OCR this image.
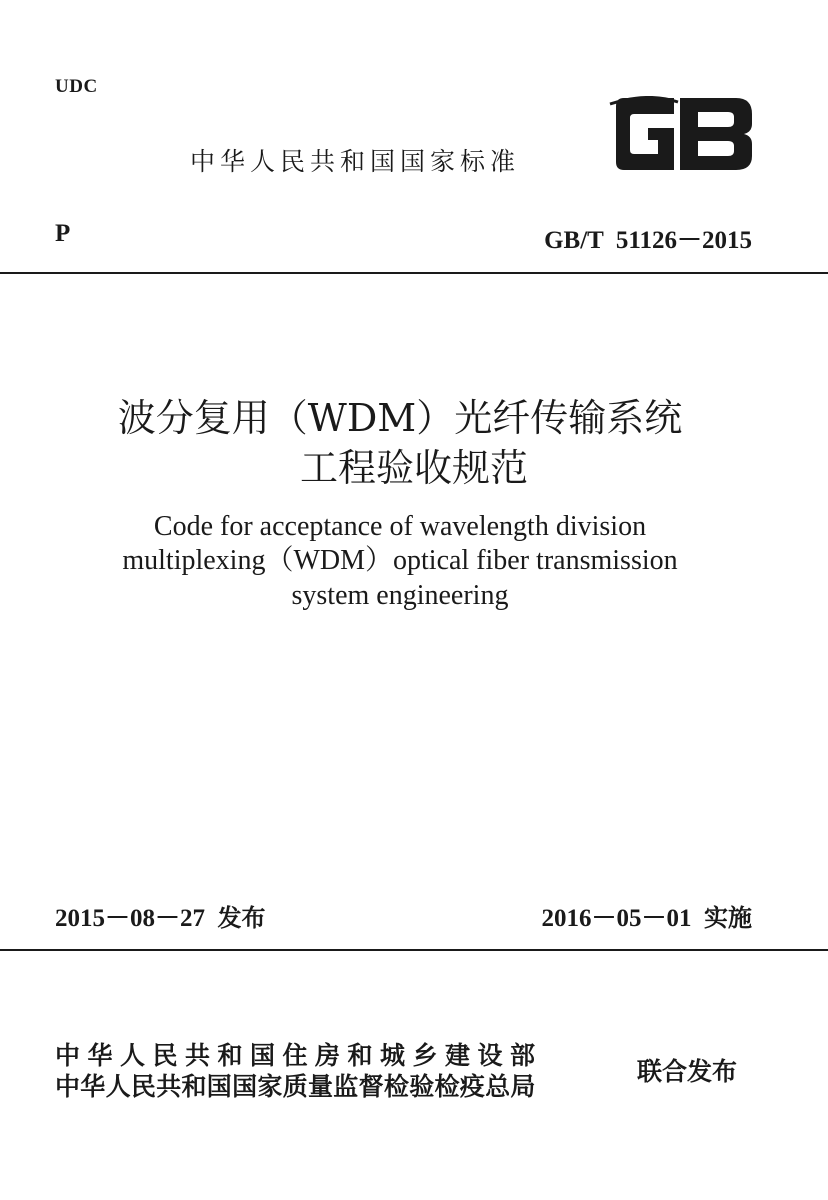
UDC
中华人民共和国国家标准
P	GB/T  51126－2015
波分复用（WDM）光纤传输系统
工程验收规范
Code for acceptance of wavelength division
multiplexing（WDM）optical fiber transmission
system engineering
2015－08－27 发布	2016－05－01 实施
中华人民共和国住房和城乡建设部
中华人民共和国国家质量监督检验检疫总局
联合发布
